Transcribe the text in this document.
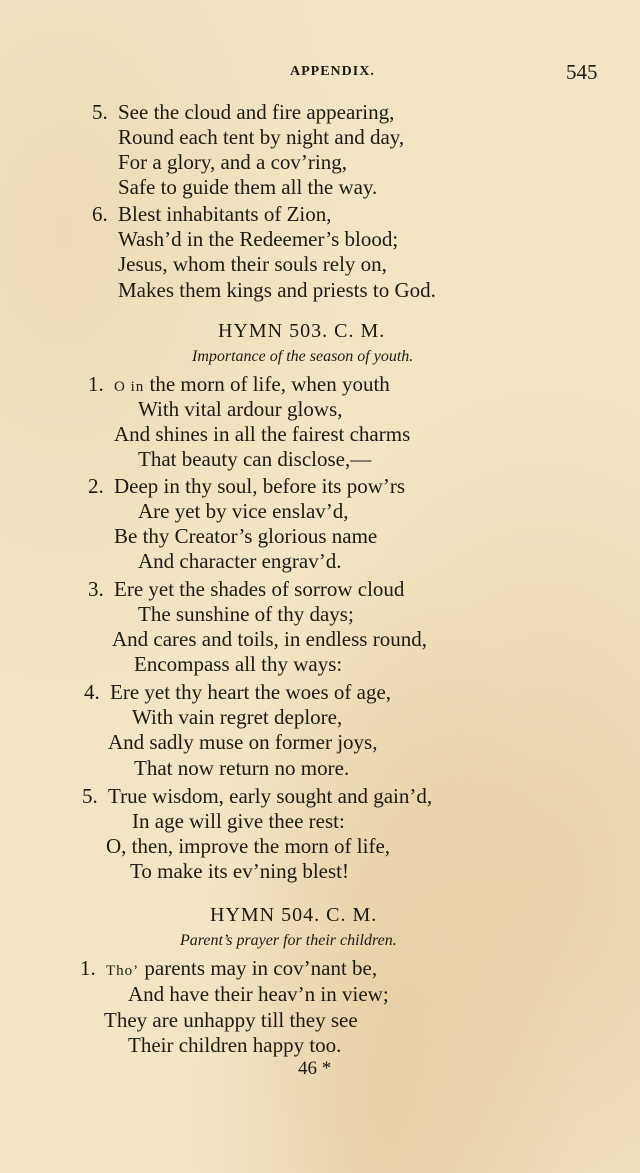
APPENDIX.	545
5. See the cloud and fire appearing,
Round each tent by night and day,
For a glory, and a cov’ring,
Safe to guide them all the way.
6. Blest inhabitants of Zion,
Wash’d in the Redeemer’s blood;
Jesus, whom their souls rely on,
Makes them kings and priests to God.
HYMN 503. C. M.
Importance of the season of youth.
1. O in the morn of life, when youth
With vital ardour glows,
And shines in all the fairest charms
That beauty can disclose,—
2. Deep in thy soul, before its pow’rs
Are yet by vice enslav’d,
Be thy Creator’s glorious name
And character engrav’d.
3. Ere yet the shades of sorrow cloud
The sunshine of thy days;
And cares and toils, in endless round,
Encompass all thy ways:
4. Ere yet thy heart the woes of age,
With vain regret deplore,
And sadly muse on former joys,
That now return no more.
5. True wisdom, early sought and gain’d,
In age will give thee rest:
O, then, improve the morn of life,
To make its ev’ning blest!
HYMN 504. C. M.
Parent’s prayer for their children.
1. Tho’ parents may in cov’nant be,
And have their heav’n in view;
They are unhappy till they see
Their children happy too.
46 *
